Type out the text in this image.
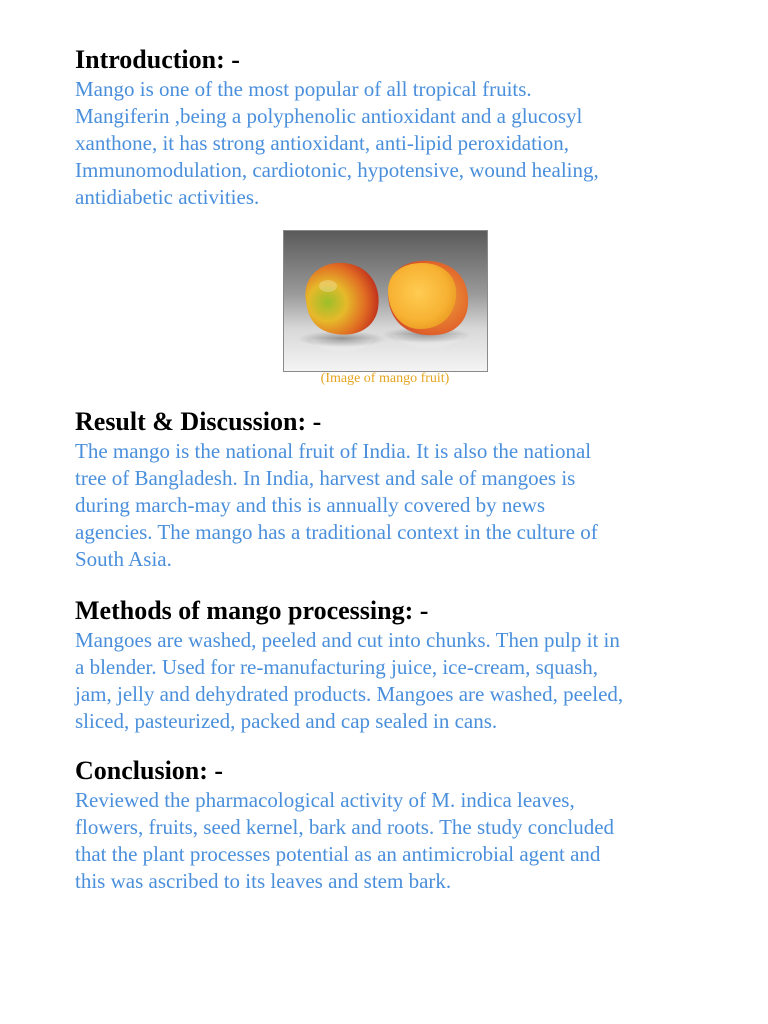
Introduction: -

Mango is one of the most popular of all tropical fruits.
Mangiferin ,being a polyphenolic antioxidant and a glucosyl
xanthone, it has strong antioxidant, anti-lipid peroxidation,
Immunomodulation, cardiotonic, hypotensive, wound healing,
antidiabetic activities.

(Image of mango fruit)
Result & Discussion: -

The mango is the national fruit of India. It is also the national
tree of Bangladesh. In India, harvest and sale of mangoes is
during march-may and this is annually covered by news
agencies. The mango has a traditional context in the culture of
South Asia.

Methods of mango processing: -

Mangoes are washed, peeled and cut into chunks. Then pulp it in
a blender. Used for re-manufacturing juice, ice-cream, squash,
jam, jelly and dehydrated products. Mangoes are washed, peeled,
sliced, pasteurized, packed and cap sealed in cans.

Conclusion: -

Reviewed the pharmacological activity of M. indica leaves,
flowers, fruits, seed kernel, bark and roots. The study concluded
that the plant processes potential as an antimicrobial agent and
this was ascribed to its leaves and stem bark.
